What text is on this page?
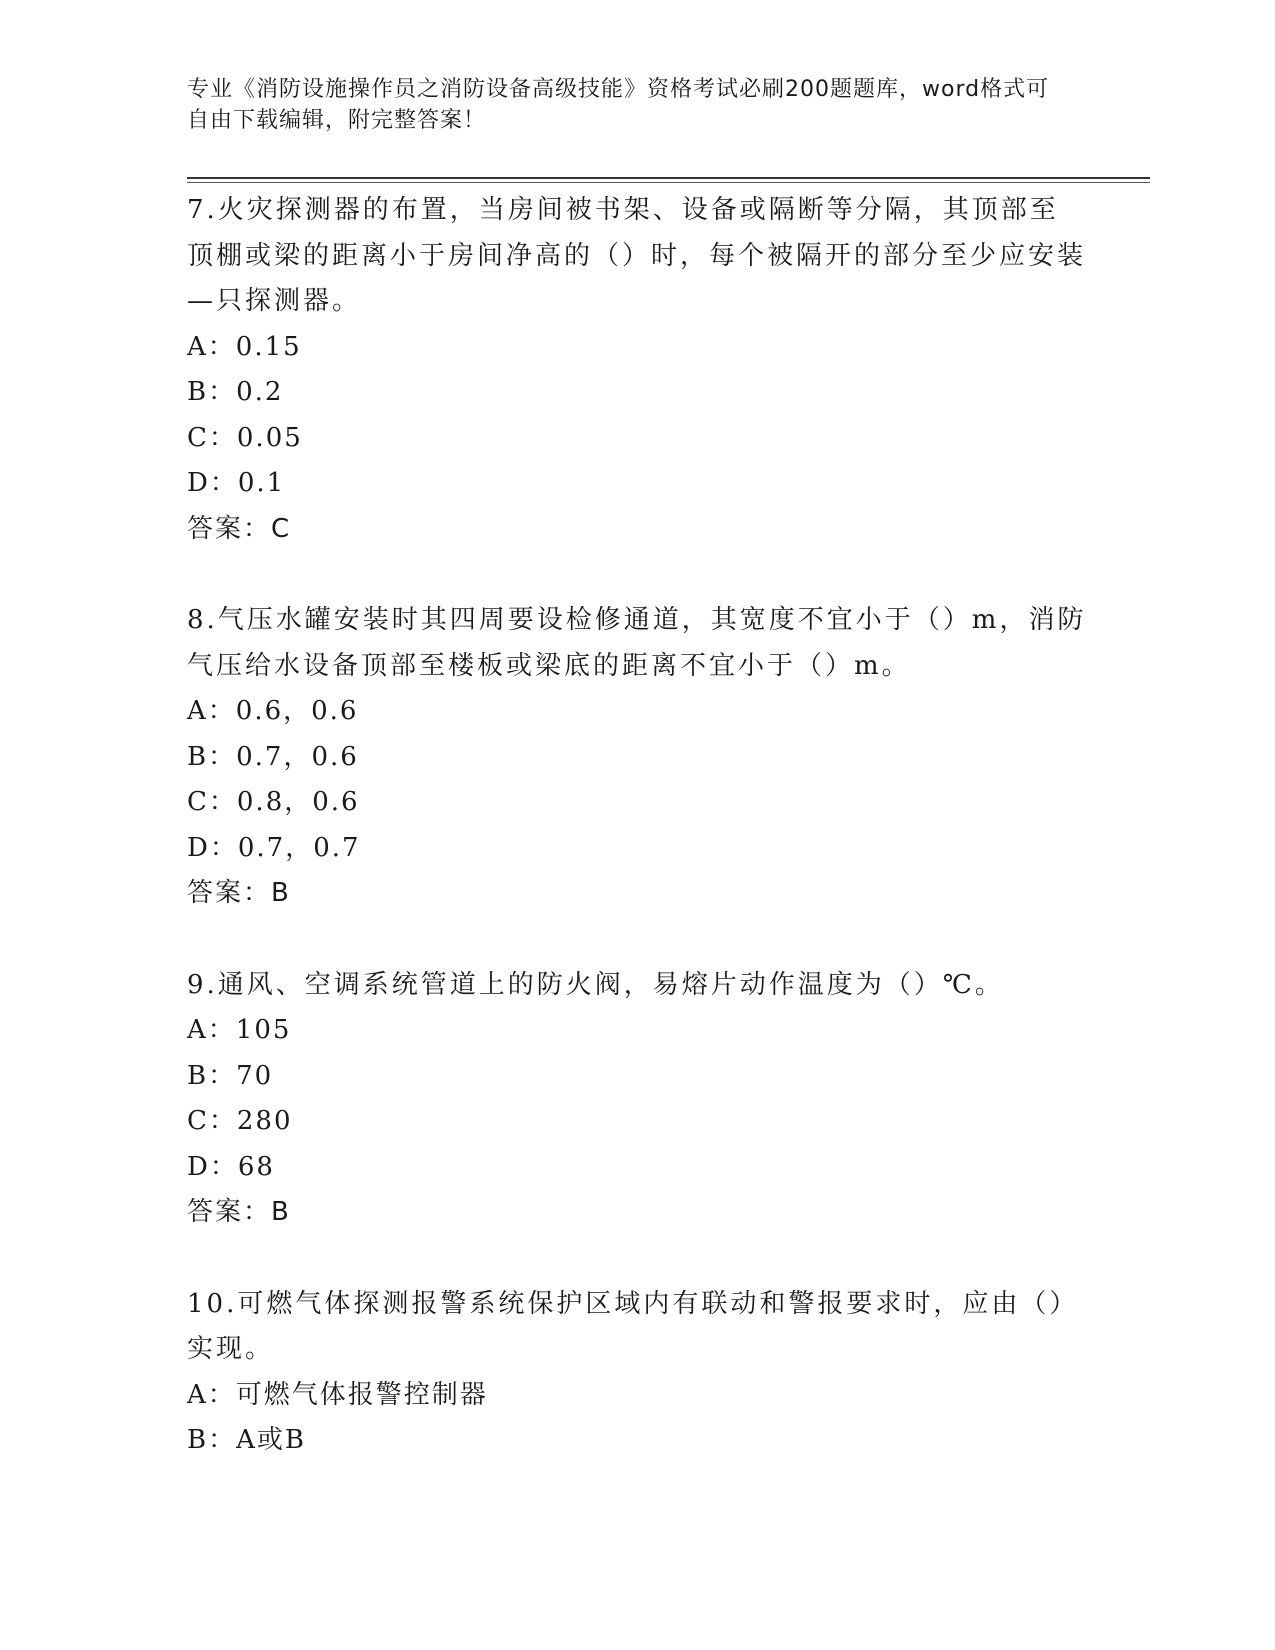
专业《消防设施操作员之消防设备高级技能》资格考试必刷200题题库，word格式可自由下载编辑，附完整答案！

7.火灾探测器的布置，当房间被书架、设备或隔断等分隔，其顶部至顶棚或梁的距离小于房间净高的（）时，每个被隔开的部分至少应安装—只探测器。

A：0.15

B：0.2

C：0.05

D：0.1

答案：C

8.气压水罐安装时其四周要设检修通道，其宽度不宜小于（）m，消防气压给水设备顶部至楼板或梁底的距离不宜小于（）m。

A：0.6，0.6

B：0.7，0.6

C：0.8，0.6

D：0.7，0.7

答案：B

9.通风、空调系统管道上的防火阀，易熔片动作温度为（）℃。

A：105

B：70

C：280

D：68

答案：B

10.可燃气体探测报警系统保护区域内有联动和警报要求时，应由（）实现。

A：可燃气体报警控制器

B：A或B
